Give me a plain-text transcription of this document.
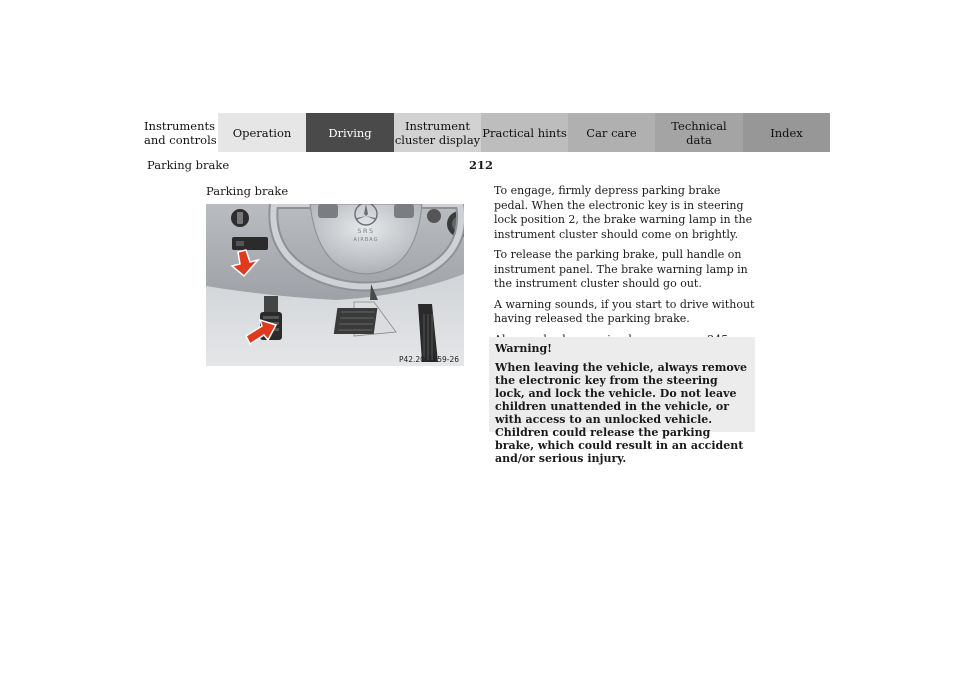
Instruments
and controls	Operation	Driving	Instrument
cluster display Practical hints	Car care	Technical
data	Index
Parking brake	212
Parking brake
SRS
AIRBAG
P42.20-2059-26

To engage, firmly depress parking brake pedal. When the electronic key is in steering lock position 2, the brake warning lamp in the instrument cluster should come on brightly.

To release the parking brake, pull handle on instrument panel. The brake warning lamp in the instrument cluster should go out.

A warning sounds, if you start to drive without having released the parking brake.

Warning!
When leaving the vehicle, always remove the electronic key from the steering lock, and lock the vehicle. Do not leave children unattended in the vehicle, or with access to an unlocked vehicle. Children could release the parking brake, which could result in an accident and/or serious injury.
